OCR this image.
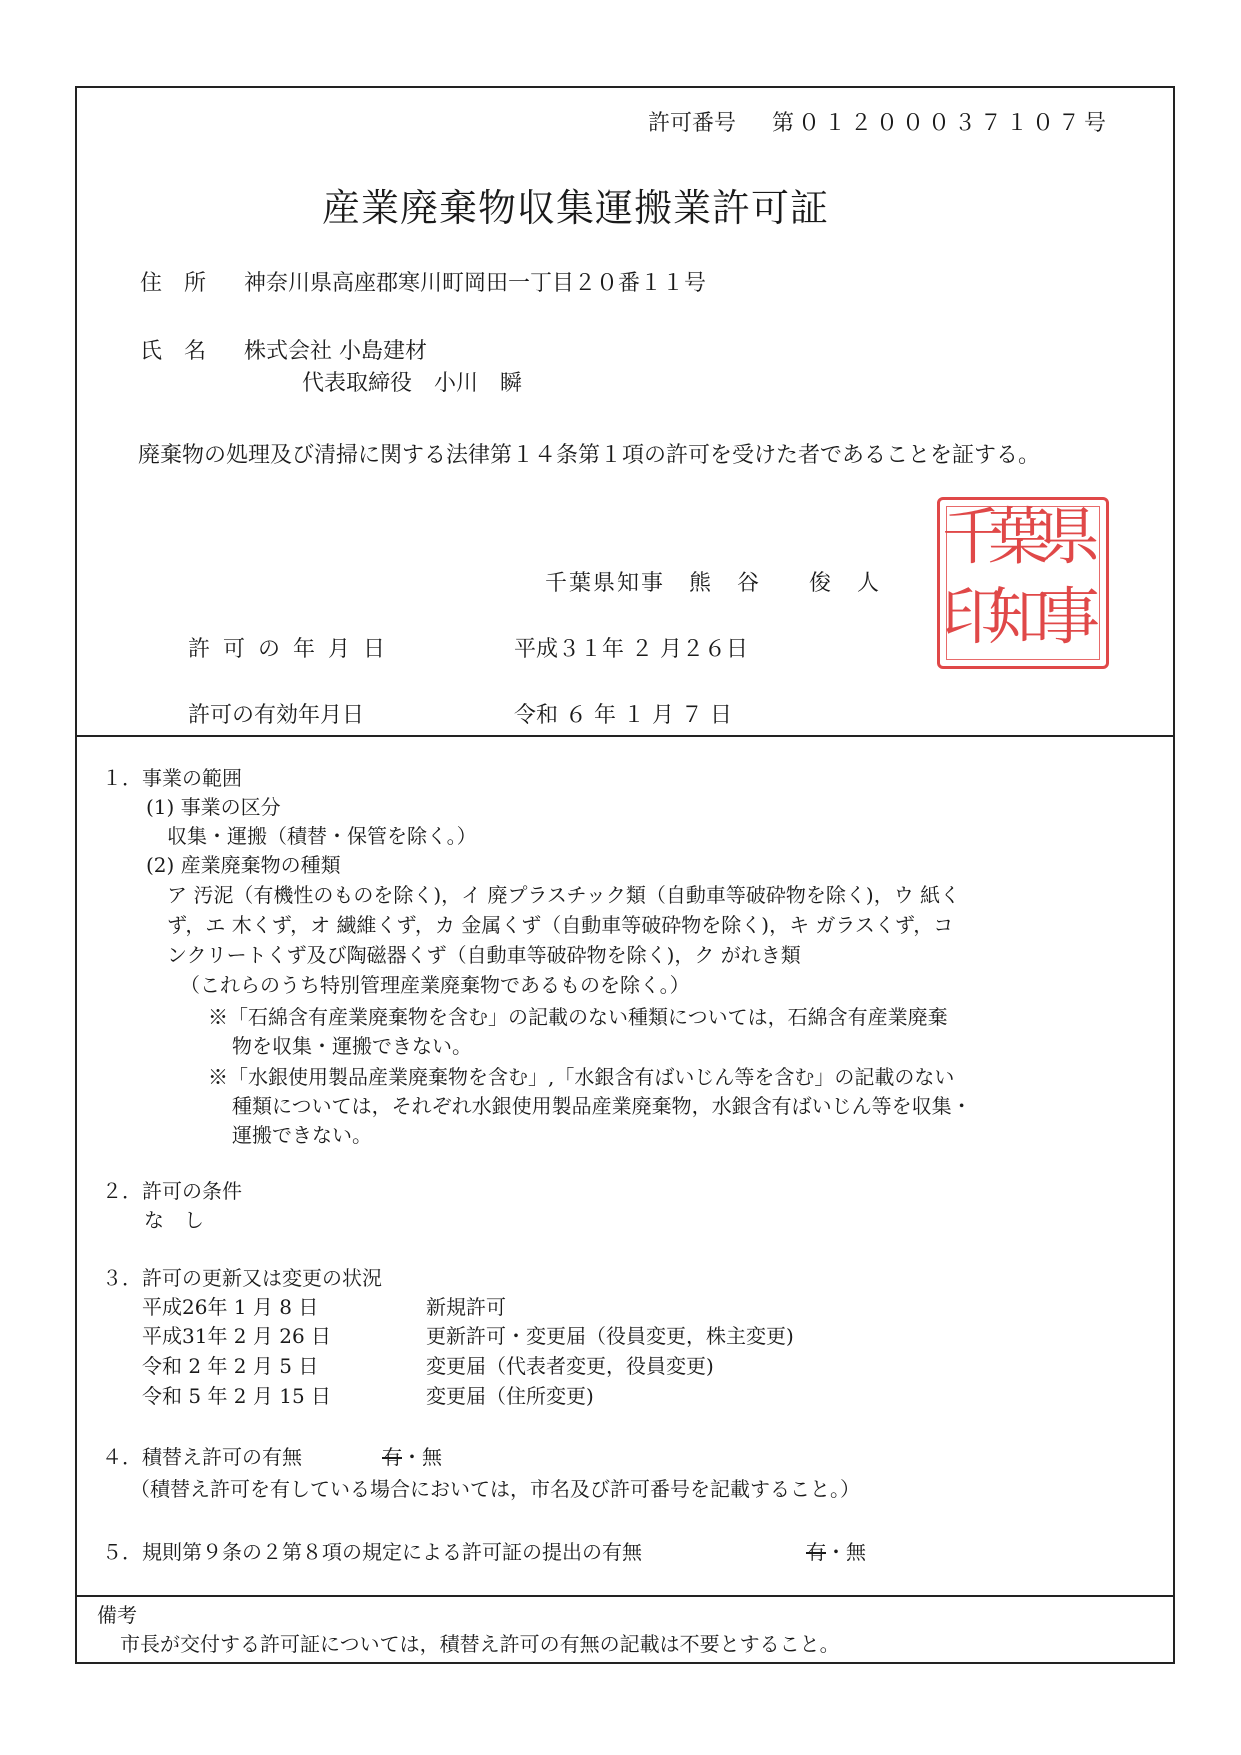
許可番号 第０１２０００３７１０７号
産業廃棄物収集運搬業許可証
住　所 神奈川県高座郡寒川町岡田一丁目２０番１１号
氏　名 株式会社 小島建材
代表取締役　小川　瞬
廃棄物の処理及び清掃に関する法律第１４条第１項の許可を受けた者であることを証する。
千葉県知事　熊　谷　　俊　人
県
事
葉
知
千
印
許 可 の 年 月 日	平成３１年 ２ 月２６日
許可の有効年月日	令和 ６ 年 １ 月 ７ 日
１．事業の範囲
(1) 事業の区分
収集・運搬（積替・保管を除く。）
(2) 産業廃棄物の種類
ア 汚泥（有機性のものを除く)，イ 廃プラスチック類（自動車等破砕物を除く)，ウ 紙く
ず，エ 木くず，オ 繊維くず，カ 金属くず（自動車等破砕物を除く)，キ ガラスくず，コ
ンクリートくず及び陶磁器くず（自動車等破砕物を除く)，ク がれき類
（これらのうち特別管理産業廃棄物であるものを除く。）
※「石綿含有産業廃棄物を含む」の記載のない種類については，石綿含有産業廃棄
物を収集・運搬できない。
※「水銀使用製品産業廃棄物を含む」,「水銀含有ばいじん等を含む」の記載のない
種類については，それぞれ水銀使用製品産業廃棄物，水銀含有ばいじん等を収集・
運搬できない。
２．許可の条件
な　し
３．許可の更新又は変更の状況
平成26年 1 月 8 日	新規許可
平成31年 2 月 26 日	更新許可・変更届（役員変更，株主変更)
令和 2 年 2 月 5 日	変更届（代表者変更，役員変更)
令和 5 年 2 月 15 日	変更届（住所変更)
４．積替え許可の有無	有・無
（積替え許可を有している場合においては，市名及び許可番号を記載すること。）
５．規則第９条の２第８項の規定による許可証の提出の有無	有・無
備考
市長が交付する許可証については，積替え許可の有無の記載は不要とすること。
